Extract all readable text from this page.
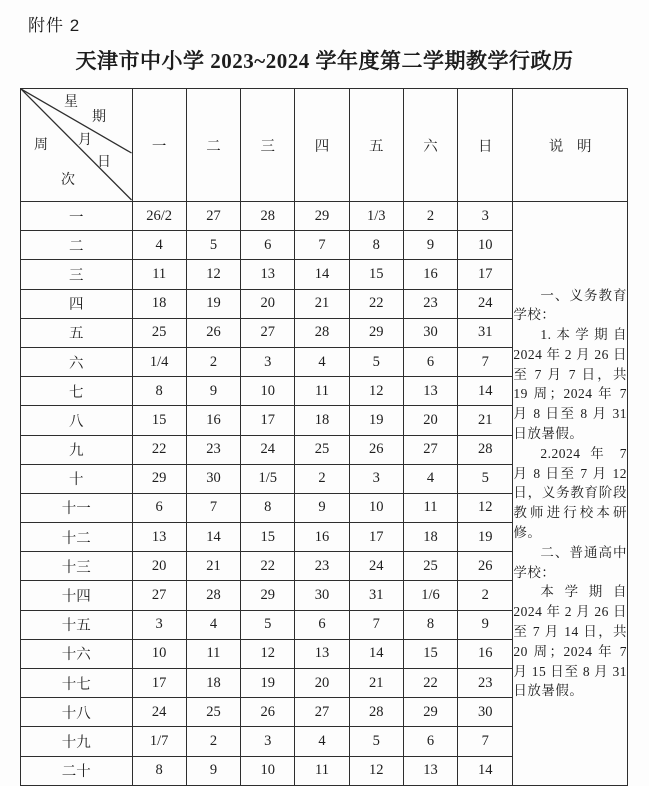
附件 2
天津市中小学 2023~2024 学年度第二学期教学行政历
星
期
周 月
日
次
	一	二	三	四	五	六	日	说 明
一	26/2	27	28	29	1/3	2	3	一、义务教育学校：

1.本学期自 2024 年 2 月 26 日至 7 月 7 日，共 19 周；2024 年 7 月 8 日至 8 月 31 日放暑假。

2.2024 年 7 月 8 日至 7 月 12 日，义务教育阶段教师进行校本研修。

二、普通高中学校：

本学期自 2024 年 2 月 26 日至 7 月 14 日，共 20 周；2024 年 7 月 15 日至 8 月 31 日放暑假。

二	4	5	6	7	8	9	10	
三	11	12	13	14	15	16	17	
四	18	19	20	21	22	23	24	
五	25	26	27	28	29	30	31	
六	1/4	2	3	4	5	6	7	
七	8	9	10	11	12	13	14	
八	15	16	17	18	19	20	21	
九	22	23	24	25	26	27	28	
十	29	30	1/5	2	3	4	5	
十一	6	7	8	9	10	11	12	
十二	13	14	15	16	17	18	19	
十三	20	21	22	23	24	25	26	
十四	27	28	29	30	31	1/6	2	
十五	3	4	5	6	7	8	9	
十六	10	11	12	13	14	15	16	
十七	17	18	19	20	21	22	23	
十八	24	25	26	27	28	29	30	
十九	1/7	2	3	4	5	6	7	
二十	8	9	10	11	12	13	14	
